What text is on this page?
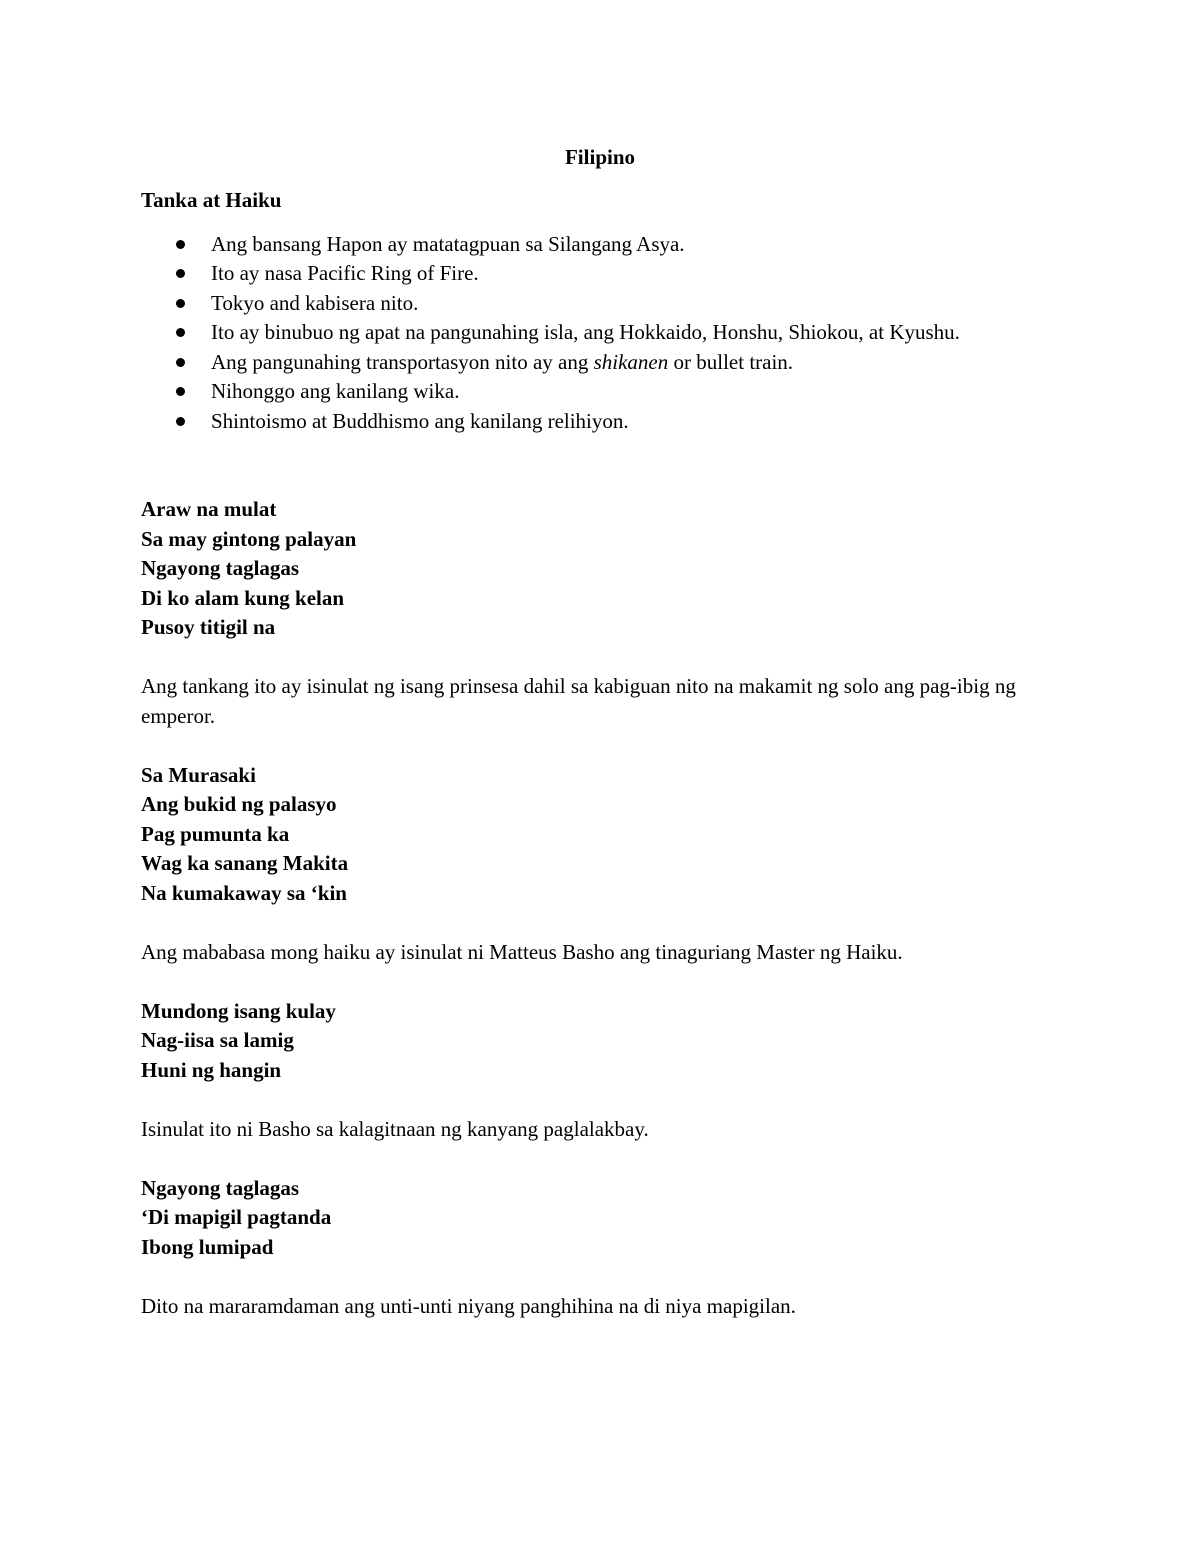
Filipino

Tanka at Haiku

Ang bansang Hapon ay matatagpuan sa Silangang Asya.
Ito ay nasa Pacific Ring of Fire.
Tokyo and kabisera nito.
Ito ay binubuo ng apat na pangunahing isla, ang Hokkaido, Honshu, Shiokou, at Kyushu.
Ang pangunahing transportasyon nito ay ang shikanen or bullet train.
Nihonggo ang kanilang wika.
Shintoismo at Buddhismo ang kanilang relihiyon.
Araw na mulat
Sa may gintong palayan
Ngayong taglagas
Di ko alam kung kelan
Pusoy titigil na

Ang tankang ito ay isinulat ng isang prinsesa dahil sa kabiguan nito na makamit ng solo ang pag-ibig ng emperor.

Sa Murasaki
Ang bukid ng palasyo
Pag pumunta ka
Wag ka sanang Makita
Na kumakaway sa ‘kin

Ang mababasa mong haiku ay isinulat ni Matteus Basho ang tinaguriang Master ng Haiku.

Mundong isang kulay
Nag-iisa sa lamig
Huni ng hangin

Isinulat ito ni Basho sa kalagitnaan ng kanyang paglalakbay.

Ngayong taglagas
‘Di mapigil pagtanda
Ibong lumipad

Dito na mararamdaman ang unti-unti niyang panghihina na di niya mapigilan.
